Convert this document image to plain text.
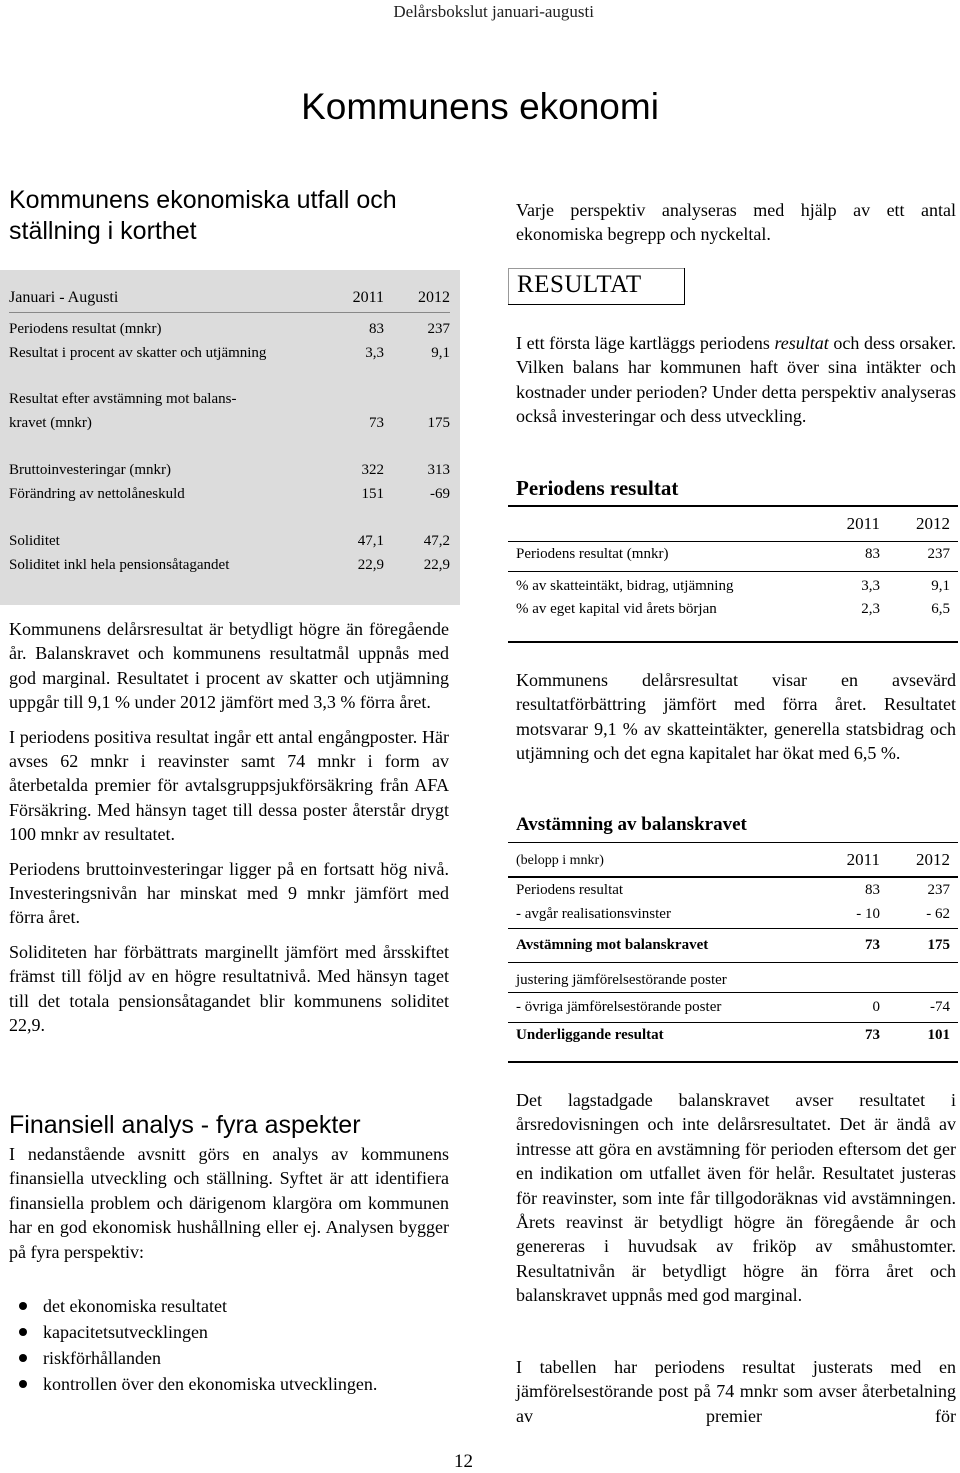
Delårsbokslut januari-augusti
Kommunens ekonomi
Kommunens ekonomiska utfall och
ställning i korthet
Januari - Augusti	2011 2012
Periodens resultat (mnkr)	83	237
Resultat i procent av skatter och utjämning	3,3	9,1
Resultat efter avstämning mot balans-
kravet (mnkr)	73	175
Bruttoinvesteringar (mnkr)	322	313
Förändring av nettolåneskuld	151	-69
Soliditet	47,1	47,2
Soliditet inkl hela pensionsåtagandet	22,9	22,9

Kommunens delårsresultat är betydligt högre än föregående år. Balanskravet och kommunens resultatmål uppnås med god marginal. Resultatet i procent av skatter och utjämning uppgår till 9,1 % under 2012 jämfört med 3,3 % förra året.

I periodens positiva resultat ingår ett antal engångposter. Här avses 62 mnkr i reavinster samt 74 mnkr i form av återbetalda premier för avtalsgruppsjukförsäkring från AFA Försäkring. Med hänsyn taget till dessa poster återstår drygt 100 mnkr av resultatet.

Periodens bruttoinvesteringar ligger på en fortsatt hög nivå. Investeringsnivån har minskat med 9 mnkr jämfört med förra året.

Soliditeten har förbättrats marginellt jämfört med årsskiftet främst till följd av en högre resultatnivå. Med hänsyn taget till det totala pensionsåtagandet blir kommunens soliditet 22,9.

Finansiell analys - fyra aspekter

I nedanstående avsnitt görs en analys av kommunens finansiella utveckling och ställning. Syftet är att identifiera finansiella problem och därigenom klargöra om kommunen har en god ekonomisk hushållning eller ej. Analysen bygger på fyra perspektiv:

det ekonomiska resultatet
kapacitetsutvecklingen
riskförhållanden
kontrollen över den ekonomiska utvecklingen.

Varje perspektiv analyseras med hjälp av ett antal ekonomiska begrepp och nyckeltal.

RESULTAT

I ett första läge kartläggs periodens resultat och dess orsaker. Vilken balans har kommunen haft över sina intäkter och kostnader under perioden? Under detta perspektiv analyseras också investeringar och dess utveckling.

Periodens resultat
2011 2012
Periodens resultat (mnkr)	83	237
% av skatteintäkt, bidrag, utjämning	3,3	9,1
% av eget kapital vid årets början	2,3	6,5

Kommunens delårsresultat visar en avsevärd resultatförbättring jämfört med förra året. Resultatet motsvarar 9,1 % av skatteintäkter, generella statsbidrag och utjämning och det egna kapitalet har ökat med 6,5 %.

Avstämning av balanskravet
(belopp i mnkr)	2011 2012
Periodens resultat	83	237
- avgår realisationsvinster	- 10	- 62
Avstämning mot balanskravet	73	175
justering jämförelsestörande poster
- övriga jämförelsestörande poster	0	-74
Underliggande resultat	73	101

Det lagstadgade balanskravet avser resultatet i årsredovisningen och inte delårsresultatet. Det är ändå av intresse att göra en avstämning för perioden eftersom det ger en indikation om utfallet även för helår. Resultatet justeras för reavinster, som inte får tillgodoräknas vid avstämningen. Årets reavinst är betydligt högre än föregående år och genereras i huvudsak av friköp av småhustomter. Resultatnivån är betydligt högre än förra året och balanskravet uppnås med god marginal.

I tabellen har periodens resultat justerats med en jämförelsestörande post på 74 mnkr som avser återbetalning av premier för

12
